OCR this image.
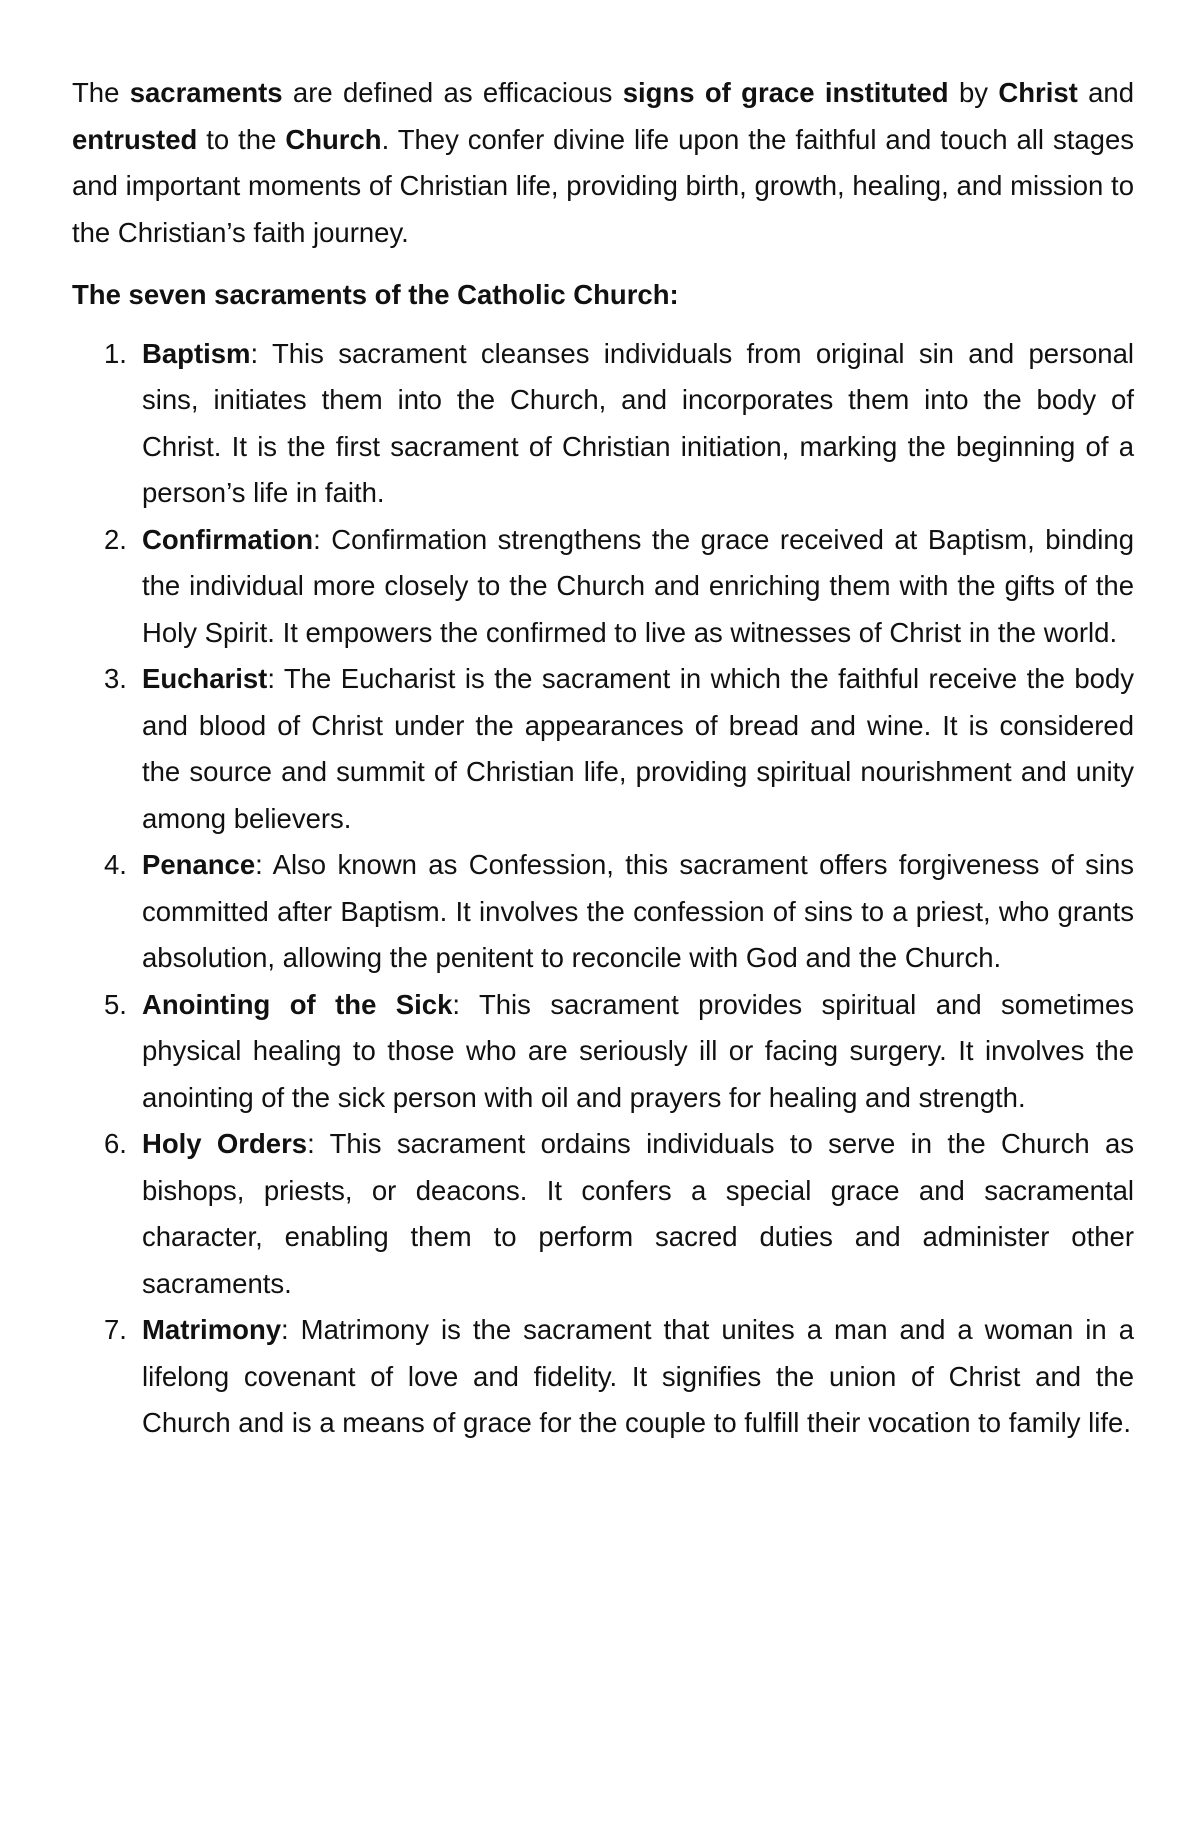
The sacraments are defined as efficacious signs of grace instituted by Christ and entrusted to the Church. They confer divine life upon the faithful and touch all stages and important moments of Christian life, providing birth, growth, healing, and mission to the Christian’s faith journey.

The seven sacraments of the Catholic Church:

1. Baptism: This sacrament cleanses individuals from original sin and personal sins, initiates them into the Church, and incorporates them into the body of Christ. It is the first sacrament of Christian initiation, marking the beginning of a person’s life in faith.
2. Confirmation: Confirmation strengthens the grace received at Baptism, binding the individual more closely to the Church and enriching them with the gifts of the Holy Spirit. It empowers the confirmed to live as witnesses of Christ in the world.
3. Eucharist: The Eucharist is the sacrament in which the faithful receive the body and blood of Christ under the appearances of bread and wine. It is considered the source and summit of Christian life, providing spiritual nourishment and unity among believers.
4. Penance: Also known as Confession, this sacrament offers forgiveness of sins committed after Baptism. It involves the confession of sins to a priest, who grants absolution, allowing the penitent to reconcile with God and the Church.
5. Anointing of the Sick: This sacrament provides spiritual and sometimes physical healing to those who are seriously ill or facing surgery. It involves the anointing of the sick person with oil and prayers for healing and strength.
6. Holy Orders: This sacrament ordains individuals to serve in the Church as bishops, priests, or deacons. It confers a special grace and sacramental character, enabling them to perform sacred duties and administer other sacraments.
7. Matrimony: Matrimony is the sacrament that unites a man and a woman in a lifelong covenant of love and fidelity. It signifies the union of Christ and the Church and is a means of grace for the couple to fulfill their vocation to family life.
